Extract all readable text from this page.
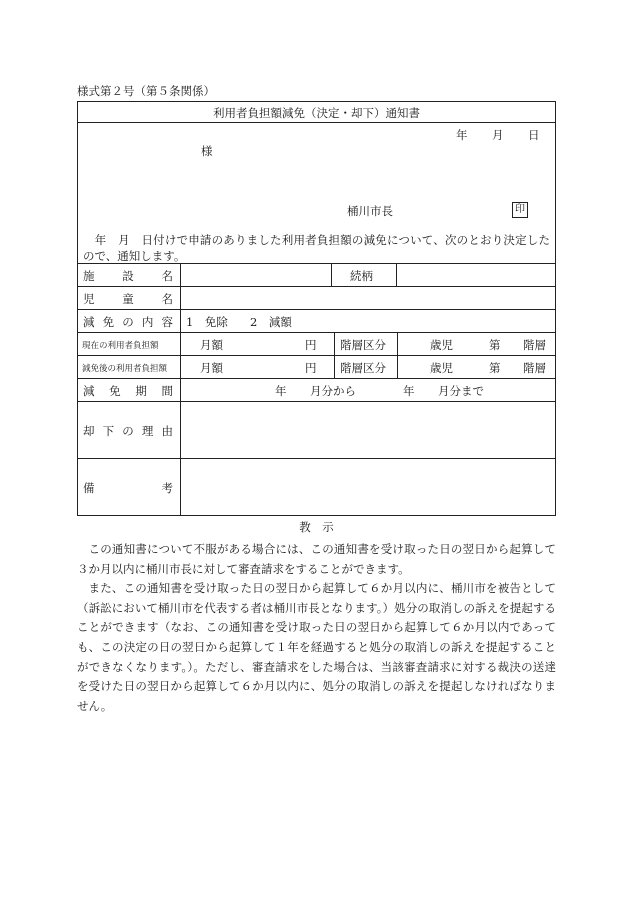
様式第２号（第５条関係）
利用者負担額減免（決定・却下）通知書
年 月 日
様
桶川市長	印
　年　月　日付けで申請のありました利用者負担額の減免について、次のとおり決定したので、通知します。
施 設 名	続柄
児 童 名
減 免 の 内 容 1　免除 2　減額
現在の利用者負担額	月額	円 階層区分	歳児	第 階層
減免後の利用者負担額	月額	円 階層区分	歳児	第 階層
減 免 期 間	年 月分から	年 月分まで
却 下 の 理 由
備	考
教　示

この通知書について不服がある場合には、この通知書を受け取った日の翌日から起算して３か月以内に桶川市長に対して審査請求をすることができます。

また、この通知書を受け取った日の翌日から起算して６か月以内に、桶川市を被告として（訴訟において桶川市を代表する者は桶川市長となります。）処分の取消しの訴えを提起することができます（なお、この通知書を受け取った日の翌日から起算して６か月以内であっても、この決定の日の翌日から起算して１年を経過すると処分の取消しの訴えを提起することができなくなります。）。ただし、審査請求をした場合は、当該審査請求に対する裁決の送達を受けた日の翌日から起算して６か月以内に、処分の取消しの訴えを提起しなければなりません。
